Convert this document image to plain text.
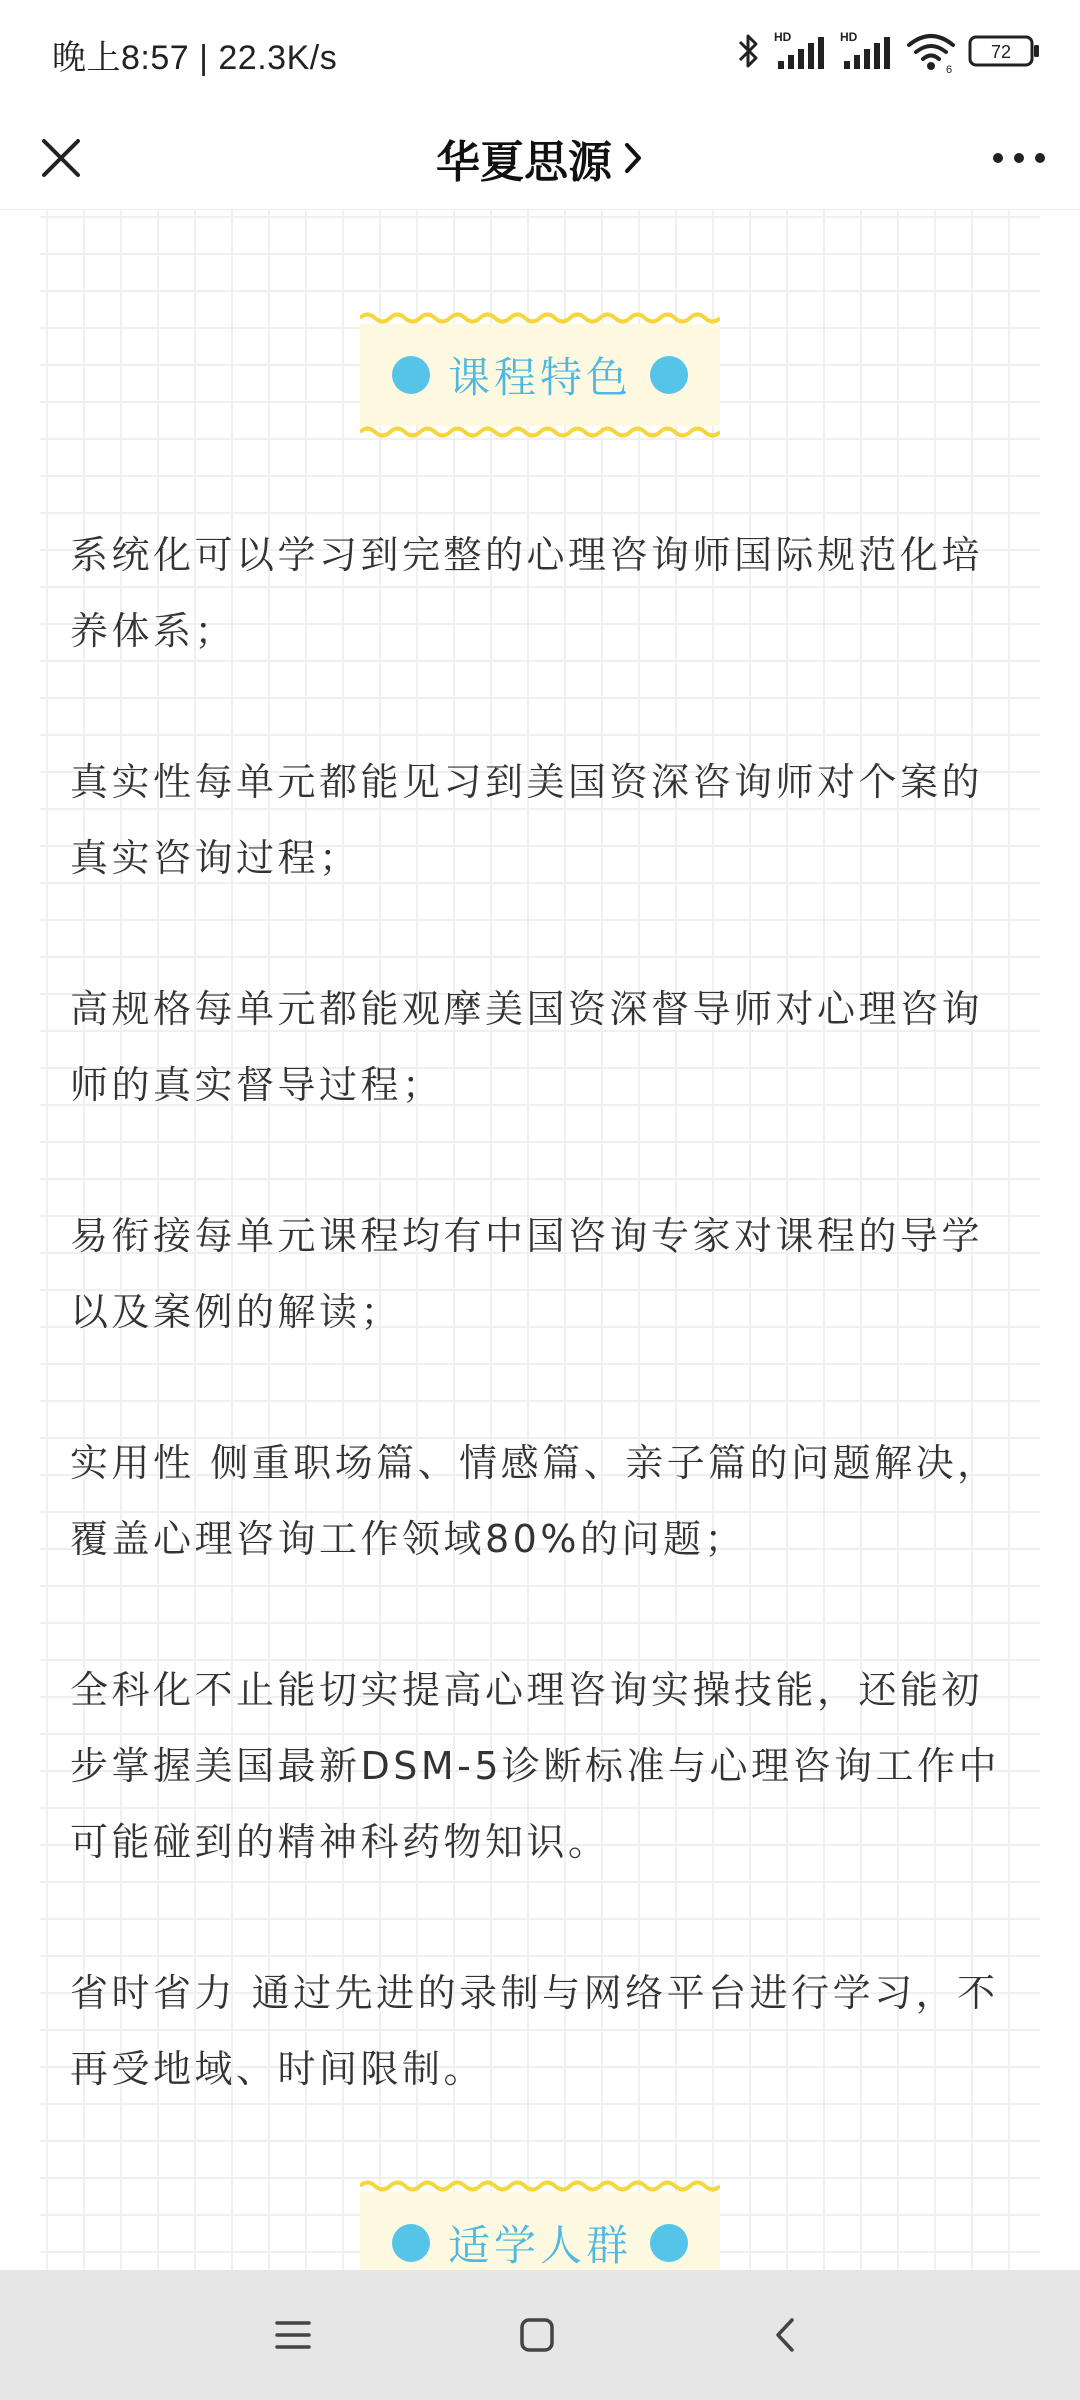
晚上8:57 | 22.3K/s
HD	HD
6
72
华夏思源
课程特色
系统化可以学习到完整的心理咨询师国际规范化培养体系；
真实性每单元都能见习到美国资深咨询师对个案的真实咨询过程；
高规格每单元都能观摩美国资深督导师对心理咨询师的真实督导过程；
易衔接每单元课程均有中国咨询专家对课程的导学以及案例的解读；
实用性 侧重职场篇、情感篇、亲子篇的问题解决，覆盖心理咨询工作领域80%的问题；
全科化不止能切实提高心理咨询实操技能，还能初步掌握美国最新DSM-5诊断标准与心理咨询工作中可能碰到的精神科药物知识。
省时省力 通过先进的录制与网络平台进行学习，不再受地域、时间限制。
适学人群
